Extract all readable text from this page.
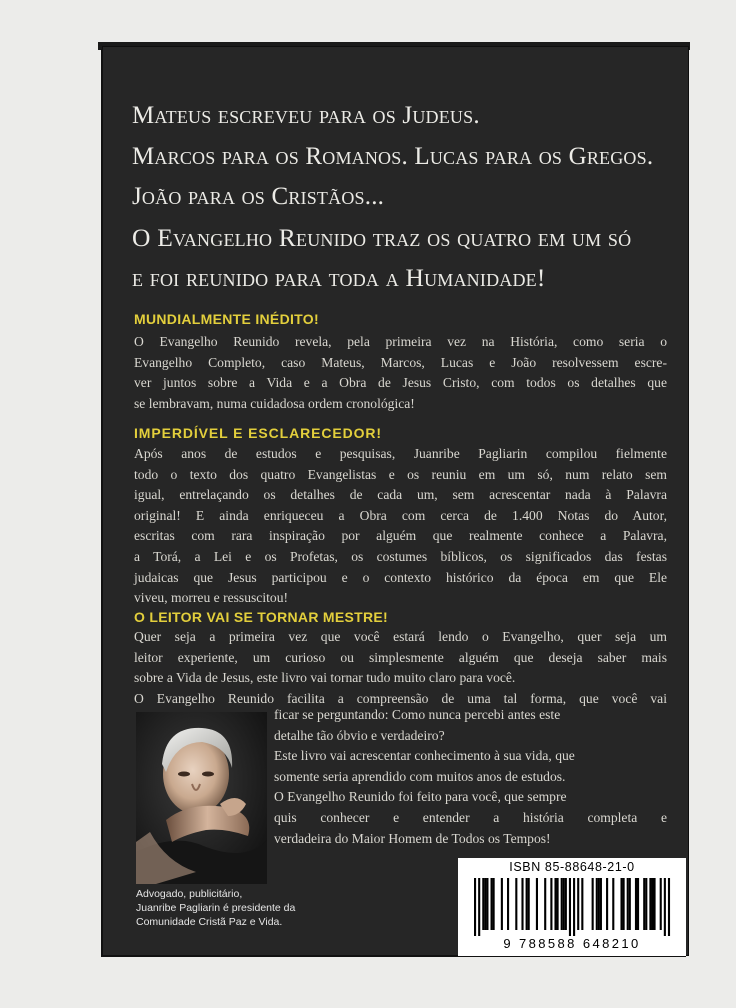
Mateus escreveu para os Judeus.
Marcos para os Romanos. Lucas para os Gregos.
João para os Cristãos...
O Evangelho Reunido traz os quatro em um só
e foi reunido para toda a Humanidade!
MUNDIALMENTE INÉDITO!
O Evangelho Reunido revela, pela primeira vez na História, como seria o
Evangelho Completo, caso Mateus, Marcos, Lucas e João resolvessem escre-
ver juntos sobre a Vida e a Obra de Jesus Cristo, com todos os detalhes que
se lembravam, numa cuidadosa ordem cronológica!
IMPERDÍVEL E ESCLARECEDOR!
Após anos de estudos e pesquisas, Juanribe Pagliarin compilou fielmente
todo o texto dos quatro Evangelistas e os reuniu em um só, num relato sem
igual, entrelaçando os detalhes de cada um, sem acrescentar nada à Palavra
original! E ainda enriqueceu a Obra com cerca de 1.400 Notas do Autor,
escritas com rara inspiração por alguém que realmente conhece a Palavra,
a Torá, a Lei e os Profetas, os costumes bíblicos, os significados das festas
judaicas que Jesus participou e o contexto histórico da época em que Ele
viveu, morreu e ressuscitou!
O LEITOR VAI SE TORNAR MESTRE!
Quer seja a primeira vez que você estará lendo o Evangelho, quer seja um
leitor experiente, um curioso ou simplesmente alguém que deseja saber mais
sobre a Vida de Jesus, este livro vai tornar tudo muito claro para você.
O Evangelho Reunido facilita a compreensão de uma tal forma, que você vai
ficar se perguntando: Como nunca percebi antes este
detalhe tão óbvio e verdadeiro?
Este livro vai acrescentar conhecimento à sua vida, que
somente seria aprendido com muitos anos de estudos.
O Evangelho Reunido foi feito para você, que sempre
quis conhecer e entender a história completa e
verdadeira do Maior Homem de Todos os Tempos!
Advogado, publicitário,
Juanribe Pagliarin é presidente da
Comunidade Cristã Paz e Vida.
ISBN 85-88648-21-0
9 788588 648210
